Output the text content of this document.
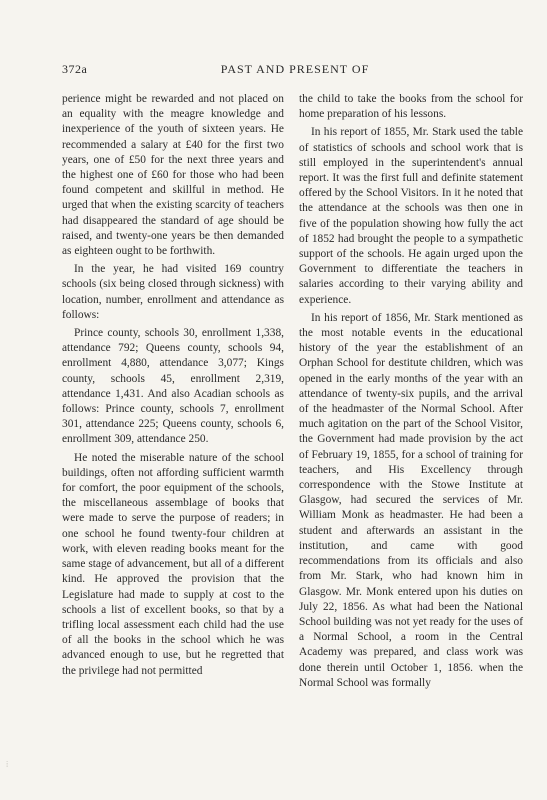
372a	PAST AND PRESENT OF

perience might be rewarded and not placed on an equality with the meagre knowledge and inexperience of the youth of sixteen years. He recommended a salary at £40 for the first two years, one of £50 for the next three years and the highest one of £60 for those who had been found competent and skillful in method. He urged that when the existing scarcity of teachers had disappeared the standard of age should be raised, and twenty-one years be then demanded as eighteen ought to be forthwith.

In the year, he had visited 169 country schools (six being closed through sickness) with location, number, enrollment and attendance as follows:

Prince county, schools 30, enrollment 1,338, attendance 792; Queens county, schools 94, enrollment 4,880, attendance 3,077; Kings county, schools 45, enrollment 2,319, attendance 1,431. And also Acadian schools as follows: Prince county, schools 7, enrollment 301, attendance 225; Queens county, schools 6, enrollment 309, attendance 250.

He noted the miserable nature of the school buildings, often not affording sufficient warmth for comfort, the poor equipment of the schools, the miscellaneous assemblage of books that were made to serve the purpose of readers; in one school he found twenty-four children at work, with eleven reading books meant for the same stage of advancement, but all of a different kind. He approved the provision that the Legislature had made to supply at cost to the schools a list of excellent books, so that by a trifling local assessment each child had the use of all the books in the school which he was advanced enough to use, but he regretted that the privilege had not permitted

the child to take the books from the school for home preparation of his lessons.

In his report of 1855, Mr. Stark used the table of statistics of schools and school work that is still employed in the superintendent's annual report. It was the first full and definite statement offered by the School Visitors. In it he noted that the attendance at the schools was then one in five of the population showing how fully the act of 1852 had brought the people to a sympathetic support of the schools. He again urged upon the Government to differentiate the teachers in salaries according to their varying ability and experience.

In his report of 1856, Mr. Stark mentioned as the most notable events in the educational history of the year the establishment of an Orphan School for destitute children, which was opened in the early months of the year with an attendance of twenty-six pupils, and the arrival of the headmaster of the Normal School. After much agitation on the part of the School Visitor, the Government had made provision by the act of February 19, 1855, for a school of training for teachers, and His Excellency through correspondence with the Stowe Institute at Glasgow, had secured the services of Mr. William Monk as headmaster. He had been a student and afterwards an assistant in the institution, and came with good recommendations from its officials and also from Mr. Stark, who had known him in Glasgow. Mr. Monk entered upon his duties on July 22, 1856. As what had been the National School building was not yet ready for the uses of a Normal School, a room in the Central Academy was prepared, and class work was done therein until October 1, 1856. when the Normal School was formally

⁞
